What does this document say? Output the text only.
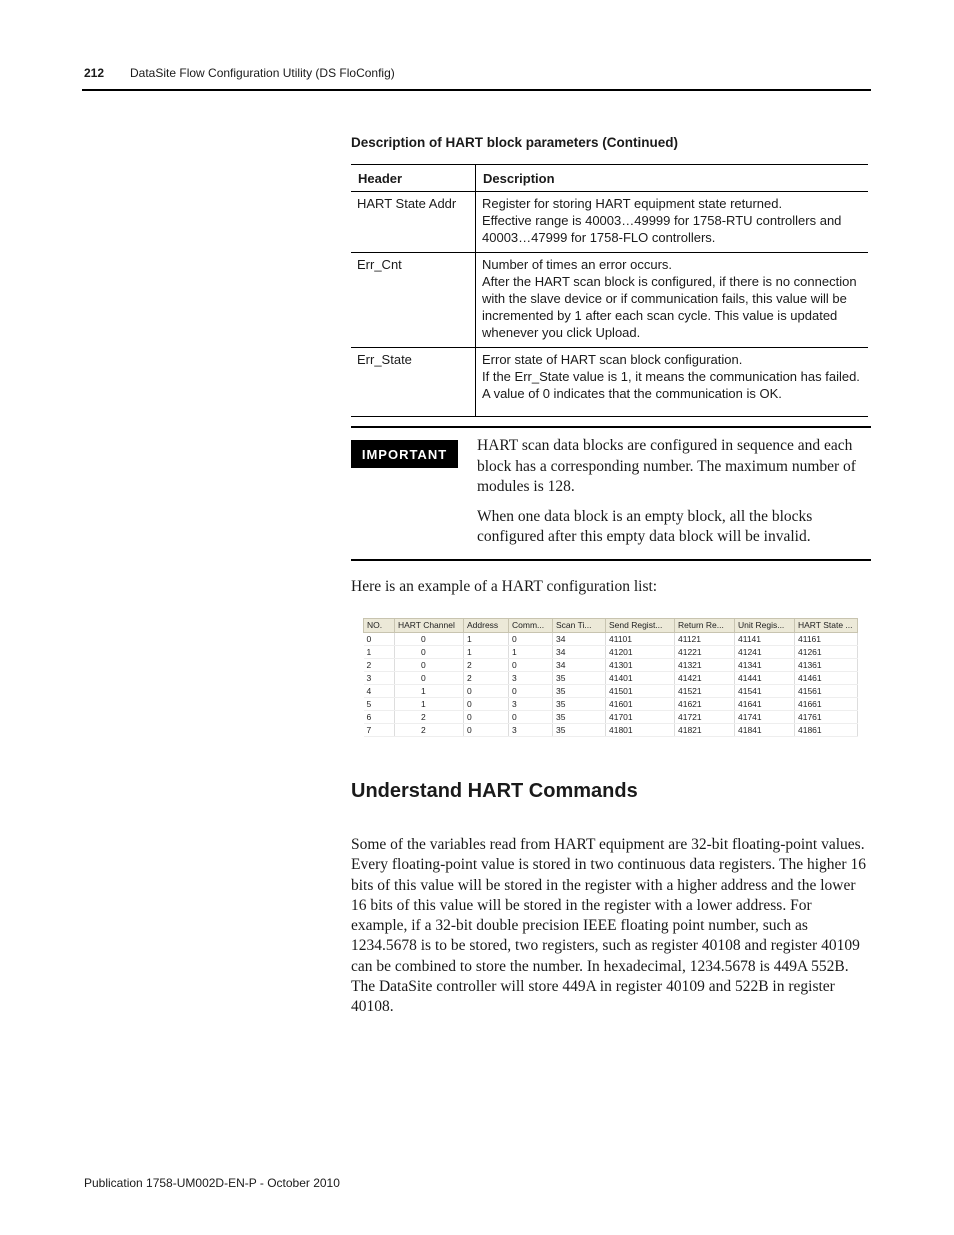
212 DataSite Flow Configuration Utility (DS FloConfig)
Description of HART block parameters (Continued)
Header	Description
HART State Addr	Register for storing HART equipment state returned.

Effective range is 40003…49999 for 1758-RTU controllers and 40003…47999 for 1758-FLO controllers.

Err_Cnt	Number of times an error occurs.

After the HART scan block is configured, if there is no connection with the slave device or if communication fails, this value will be incremented by 1 after each scan cycle. This value is updated whenever you click Upload.

Err_State	Error state of HART scan block configuration.

If the Err_State value is 1, it means the communication has failed.

A value of 0 indicates that the communication is OK.

IMPORTANT	HART scan data blocks are configured in sequence and each block has a corresponding number. The maximum number of modules is 128.

When one data block is an empty block, all the blocks configured after this empty data block will be invalid.

Here is an example of a HART configuration list:
NO.	HART Channel	Address	Comm...	Scan Ti...	Send Regist...	Return Re...	Unit Regis...	HART State ...
0	0	1	0	34	41101	41121	41141	41161
1	0	1	1	34	41201	41221	41241	41261
2	0	2	0	34	41301	41321	41341	41361
3	0	2	3	35	41401	41421	41441	41461
4	1	0	0	35	41501	41521	41541	41561
5	1	0	3	35	41601	41621	41641	41661
6	2	0	0	35	41701	41721	41741	41761
7	2	0	3	35	41801	41821	41841	41861
Understand HART Commands

Some of the variables read from HART equipment are 32-bit floating-point values. Every floating-point value is stored in two continuous data registers. The higher 16 bits of this value will be stored in the register with a higher address and the lower 16 bits of this value will be stored in the register with a lower address. For example, if a 32-bit double precision IEEE floating point number, such as 1234.5678 is to be stored, two registers, such as register 40108 and register 40109 can be combined to store the number. In hexadecimal, 1234.5678 is 449A 552B. The DataSite controller will store 449A in register 40109 and 522B in register 40108.

Publication 1758-UM002D-EN-P - October 2010
